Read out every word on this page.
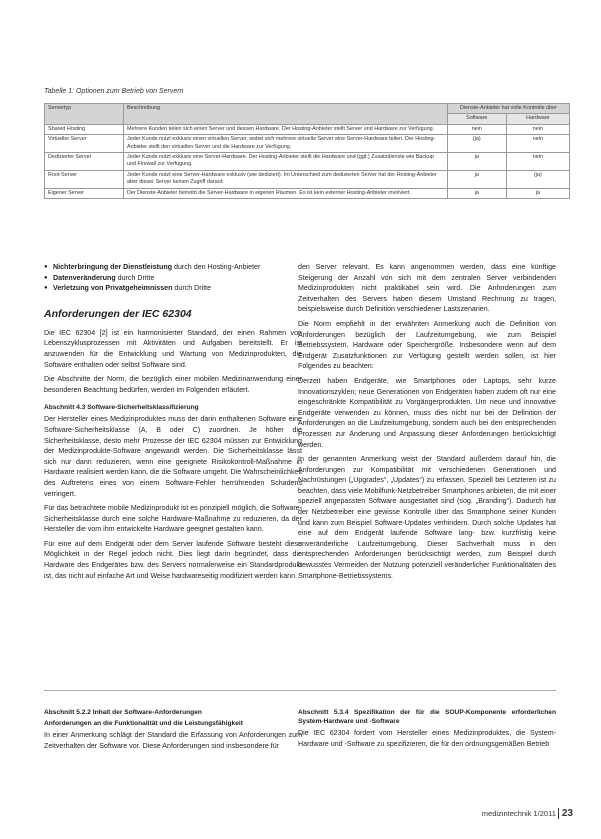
Tabelle 1: Optionen zum Betrieb von Servern
Servertyp	Beschreibung	Dienste-Anbieter hat volle Kontrolle über	
		Software	Hardware
Shared Hosting	Mehrere Kunden teilen sich einen Server und dessen Hardware. Der Hosting-Anbieter stellt Server und Hardware zur Verfügung.	nein	nein
Virtueller Server	Jeder Kunde nutzt exklusiv einen virtuellen Server, wobei sich mehrere virtuelle Server eine Server-Hardware teilen. Der Hosting-Anbieter stellt den virtuellen Server und die Hardware zur Verfügung.	(ja)	nein
Dedizierter Server	Jeder Kunde nutzt exklusiv eine Server-Hardware. Der Hosting-Anbieter stellt die Hardware und (ggf.) Zusatzdienste wie Backup und Firewall zur Verfügung.	ja	nein
Root-Server	Jeder Kunde nutzt eine Server-Hardware exklusiv (wie dediziert). Im Unterschied zum dedizierten Server hat der Hosting-Anbieter aber dieser Server keinen Zugriff darauf.	ja	(ja)
Eigener Server	Der Dienste-Anbieter betreibt die Server-Hardware in eigenen Räumen. Es ist kein externer Hosting-Anbieter involviert.	ja	ja
● Nichterbringung der Dienstleistung durch den Hosting-Anbieter
● Datenveränderung durch Dritte
● Verletzung von Privatgeheimnissen durch Dritte
Anforderungen der IEC 62304

Die IEC 62304 [2] ist ein harmonisierter Standard, der einen Rahmen von Lebenszyklusprozessen mit Aktivitäten und Aufgaben bereitstellt. Er ist anzuwenden für die Entwicklung und Wartung von Medizinprodukten, die Software enthalten oder selbst Software sind.

Die Abschnitte der Norm, die bezüglich einer mobilen Medizinanwendung einer besonderen Beachtung bedürfen, werden im Folgenden erläutert.

Abschnitt 4.3 Software-Sicherheitsklassifizierung

Der Hersteller eines Medizinproduktes muss der darin enthaltenen Software eine Software-Sicherheitsklasse (A, B oder C) zuordnen. Je höher die Sicherheitsklasse, desto mehr Prozesse der IEC 62304 müssen zur Entwicklung der Medizinprodukte-Software angewandt werden. Die Sicherheitsklasse lässt sich nur dann reduzieren, wenn eine geeignete Risikokontroll-Maßnahme in Hardware realisiert werden kann, die die Software umgeht. Die Wahrscheinlichkeit des Auftretens eines von einem Software-Fehler herrührenden Schadens verringert.

Für das betrachtete mobile Medizinprodukt ist es prinzipiell möglich, die Software-Sicherheitsklasse durch eine solche Hardware-Maßnahme zu reduzieren, da der Hersteller die vom ihm entwickelte Hardware geeignet gestalten kann.

Für eine auf dem Endgerät oder dem Server laufende Software besteht diese Möglichkeit in der Regel jedoch nicht. Dies liegt darin begründet, dass die Hardware des Endgerätes bzw. des Servers normalerweise ein Standardprodukt ist, das nicht auf einfache Art und Weise hardwareseitig modifiziert werden kann.

den Server relevant. Es kann angenommen werden, dass eine künftige Steigerung der Anzahl von sich mit dem zentralen Server verbindenden Medizinprodukten nicht praktikabel sein wird. Die Anforderungen zum Zeitverhalten des Servers haben diesem Umstand Rechnung zu tragen, beispielsweise durch Definition verschiedener Lastszenarien.

Die Norm empfiehlt in der erwähnten Anmerkung auch die Definition von Anforderungen bezüglich der Laufzeitumgebung, wie zum Beispiel Betriebssystem, Hardware oder Speichergröße. Insbesondere wenn auf dem Endgerät Zusatzfunktionen zur Verfügung gestellt werden sollen, ist hier Folgendes zu beachten:

Derzeit haben Endgeräte, wie Smartphones oder Laptops, sehr kurze Innovationszyklen; neue Generationen von Endgeräten haben zudem oft nur eine eingeschränkte Kompatibilität zu Vorgängerprodukten. Um neue und innovative Endgeräte verwenden zu können, muss dies nicht nur bei der Definition der Anforderungen an die Laufzeitumgebung, sondern auch bei den entsprechenden Prozessen zur Änderung und Anpassung dieser Anforderungen berücksichtigt werden.

In der genannten Anmerkung weist der Standard außerdem darauf hin, die Anforderungen zur Kompatibilität mit verschiedenen Generationen und Nachrüstungen („Upgrades“, „Updates“) zu erfassen. Speziell bei Letzteren ist zu beachten, dass viele Mobilfunk-Netzbetreiber Smartphones anbieten, die mit einer speziell angepassten Software ausgestattet sind (sog. „Branding“). Dadurch hat der Netzbetreiber eine gewisse Kontrolle über das Smartphone seiner Kunden und kann zum Beispiel Software-Updates verhindern. Durch solche Updates hat eine auf dem Endgerät laufende Software lang- bzw. kurzfristig keine unveränderliche Laufzeitumgebung. Dieser Sachverhalt muss in den entsprechenden Anforderungen berücksichtigt werden, zum Beispiel durch bewusstes Vermeiden der Nutzung potenziell veränderlicher Funktionalitäten des Smartphone-Betriebssystems.

Abschnitt 5.2.2 Inhalt der Software-Anforderungen
Anforderungen an die Funktionalität und die Leistungsfähigkeit

In einer Anmerkung schlägt der Standard die Erfassung von Anforderungen zum Zeitverhalten der Software vor. Diese Anforderungen sind insbesondere für

Abschnitt 5.3.4 Spezifikation der für die SOUP-Komponente erforderlichen System-Hardware und -Software

Die IEC 62304 fordert vom Hersteller eines Medizinproduktes, die System-Hardware und -Software zu spezifizieren, die für den ordnungsgemäßen Betrieb

medizintechnik 1/2011 23
